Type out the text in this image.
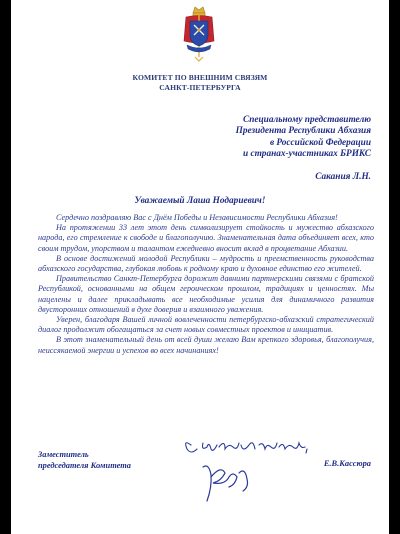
КОМИТЕТ ПО ВНЕШНИМ СВЯЗЯМ
САНКТ-ПЕТЕРБУРГА
Специальному представителю
Президента Республики Абхазия
в Российской Федерации
и странах-участниках БРИКС
Сакания Л.Н.
Уважаемый Лаша Нодариевич!

Сердечно поздравляю Вас с Днём Победы и Независимости Республики Абхазия!

На протяжении 33 лет этот день символизирует стойкость и мужество абхазского народа, его стремление к свободе и благополучию. Знаменательная дата объединяет всех, кто своим трудом, упорством и талантом ежедневно вносит вклад в процветание Абхазии.

В основе достижений молодой Республики – мудрость и преемственность руководства абхазского государства, глубокая любовь к родному краю и духовное единство его жителей.

Правительство Санкт-Петербурга дорожит давними партнерскими связями с братской Республикой, основанными на общем героическом прошлом, традициях и ценностях. Мы нацелены и далее прикладывать все необходимые усилия для динамичного развития двусторонних отношений в духе доверия и взаимного уважения.

Уверен, благодаря Вашей личной вовлеченности петербургско-абхазский стратегический диалог продолжит обогащаться за счет новых совместных проектов и инициатив.

В этот знаменательный день от всей души желаю Вам крепкого здоровья, благополучия, неиссякаемой энергии и успехов во всех начинаниях!

Заместитель
председателя Комитета	Е.В.Кассюра
